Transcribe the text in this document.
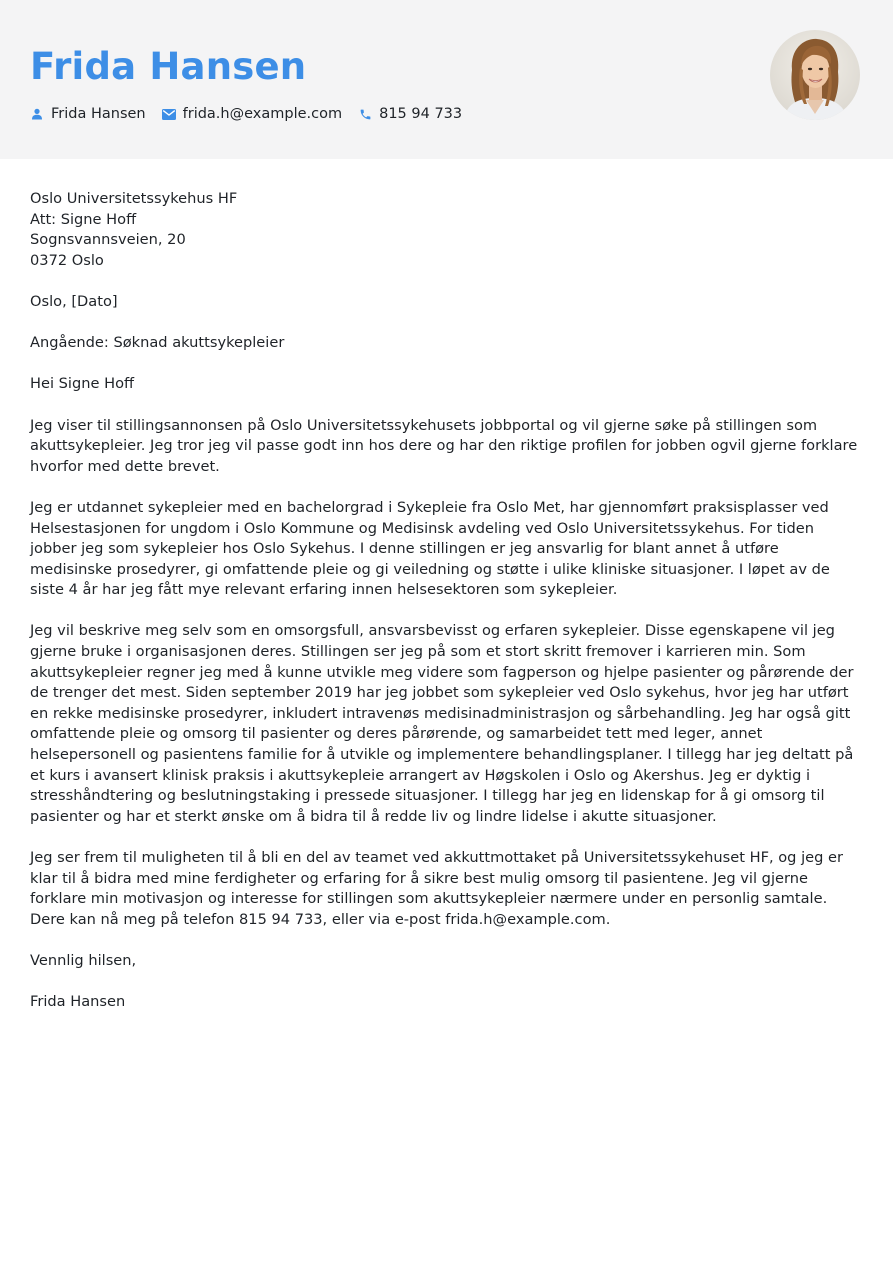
Frida Hansen
Frida Hansen	frida.h@example.com	815 94 733

Oslo Universitetssykehus HF
Att: Signe Hoff
Sognsvannsveien, 20
0372 Oslo

Oslo, [Dato]

Angående: Søknad akuttsykepleier

Hei Signe Hoff

Jeg viser til stillingsannonsen på Oslo Universitetssykehusets jobbportal og vil gjerne søke på stillingen som akuttsykepleier. Jeg tror jeg vil passe godt inn hos dere og har den riktige profilen for jobben ogvil gjerne forklare hvorfor med dette brevet.

Jeg er utdannet sykepleier med en bachelorgrad i Sykepleie fra Oslo Met, har gjennomført praksisplasser ved Helsestasjonen for ungdom i Oslo Kommune og Medisinsk avdeling ved Oslo Universitetssykehus. For tiden jobber jeg som sykepleier hos Oslo Sykehus. I denne stillingen er jeg ansvarlig for blant annet å utføre medisinske prosedyrer, gi omfattende pleie og gi veiledning og støtte i ulike kliniske situasjoner. I løpet av de siste 4 år har jeg fått mye relevant erfaring innen helsesektoren som sykepleier.

Jeg vil beskrive meg selv som en omsorgsfull, ansvarsbevisst og erfaren sykepleier. Disse egenskapene vil jeg gjerne bruke i organisasjonen deres. Stillingen ser jeg på som et stort skritt fremover i karrieren min. Som akuttsykepleier regner jeg med å kunne utvikle meg videre som fagperson og hjelpe pasienter og pårørende der de trenger det mest. Siden september 2019 har jeg jobbet som sykepleier ved Oslo sykehus, hvor jeg har utført en rekke medisinske prosedyrer, inkludert intravenøs medisinadministrasjon og sårbehandling. Jeg har også gitt omfattende pleie og omsorg til pasienter og deres pårørende, og samarbeidet tett med leger, annet helsepersonell og pasientens familie for å utvikle og implementere behandlingsplaner. I tillegg har jeg deltatt på et kurs i avansert klinisk praksis i akuttsykepleie arrangert av Høgskolen i Oslo og Akershus. Jeg er dyktig i stresshåndtering og beslutningstaking i pressede situasjoner. I tillegg har jeg en lidenskap for å gi omsorg til pasienter og har et sterkt ønske om å bidra til å redde liv og lindre lidelse i akutte situasjoner.

Jeg ser frem til muligheten til å bli en del av teamet ved akkuttmottaket på Universitetssykehuset HF, og jeg er klar til å bidra med mine ferdigheter og erfaring for å sikre best mulig omsorg til pasientene. Jeg vil gjerne forklare min motivasjon og interesse for stillingen som akuttsykepleier nærmere under en personlig samtale. Dere kan nå meg på telefon 815 94 733, eller via e-post frida.h@example.com.

Vennlig hilsen,

Frida Hansen
